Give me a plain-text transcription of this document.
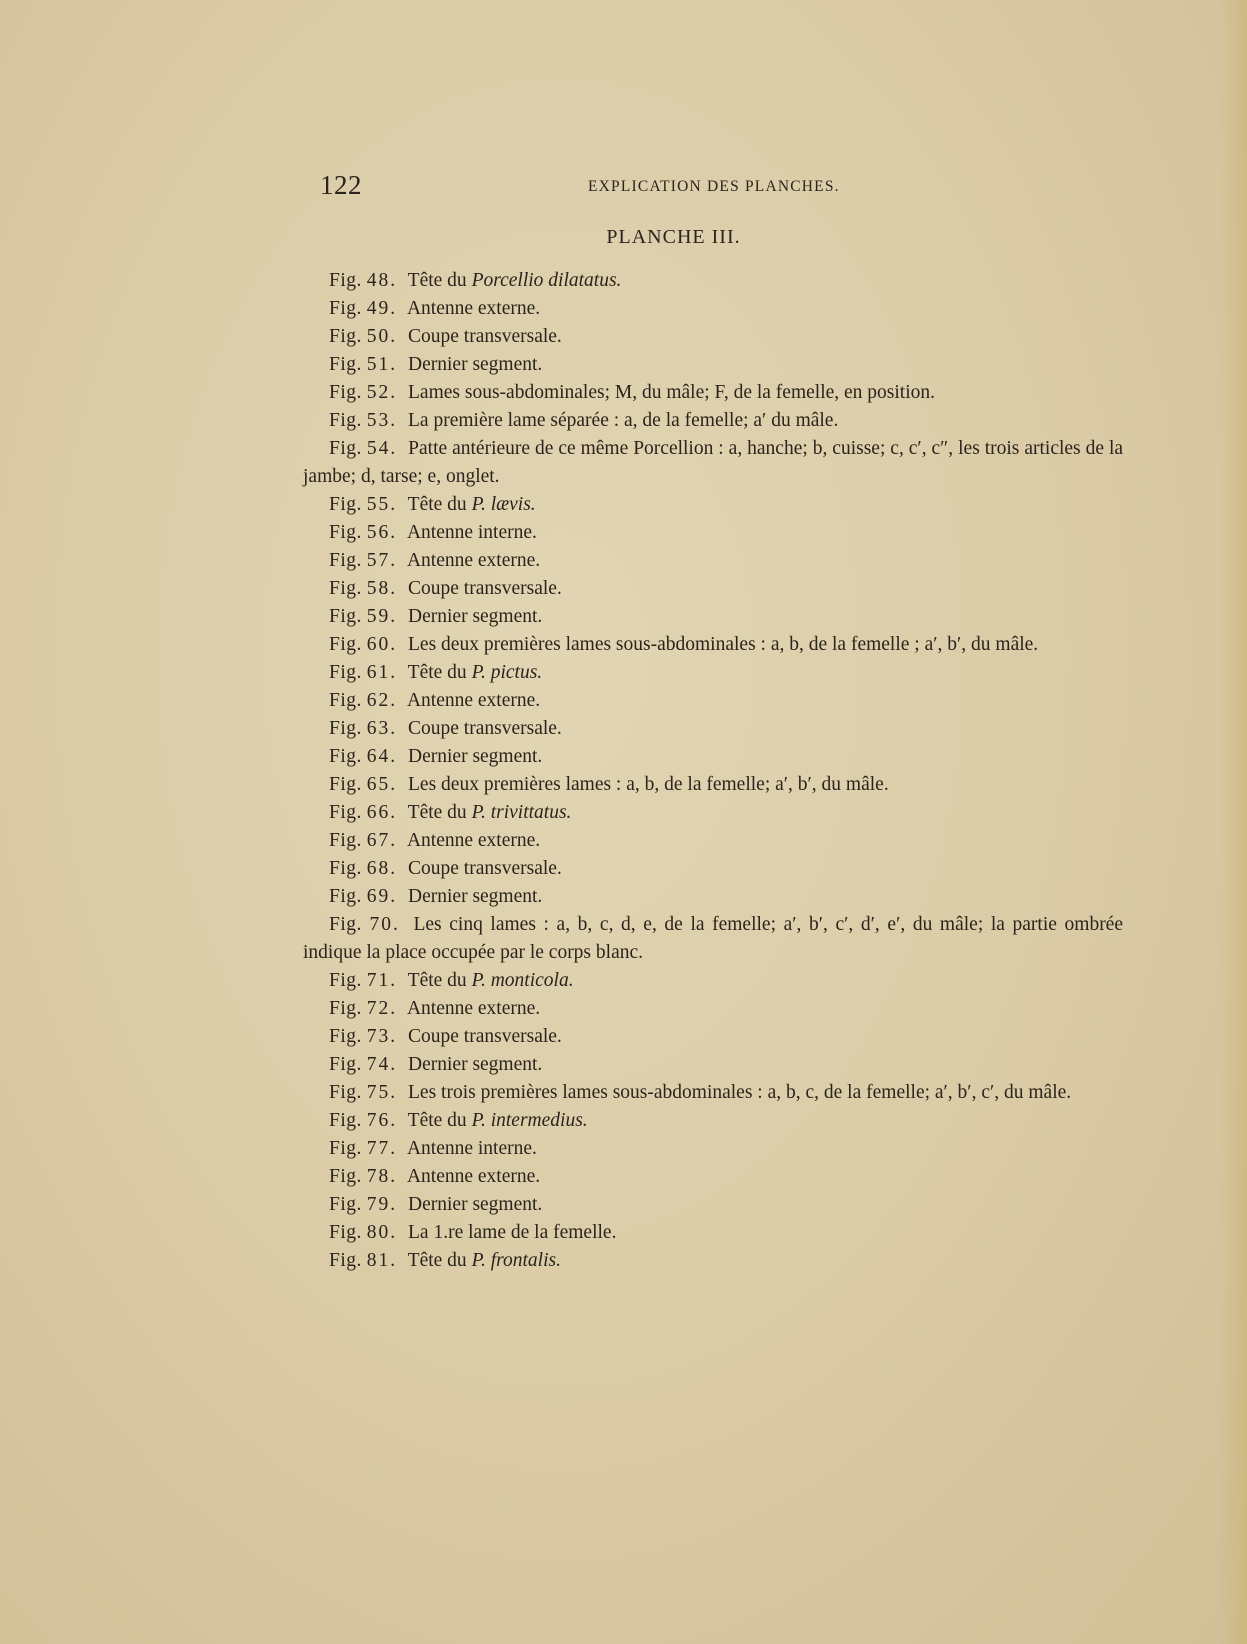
122	EXPLICATION DES PLANCHES.
PLANCHE III.

Fig. 48. Tête du Porcellio dilatatus.

Fig. 49. Antenne externe.

Fig. 50. Coupe transversale.

Fig. 51. Dernier segment.

Fig. 52. Lames sous-abdominales; M, du mâle; F, de la femelle, en position.

Fig. 53. La première lame séparée : a, de la femelle; a′ du mâle.

Fig. 54. Patte antérieure de ce même Porcellion : a, hanche; b, cuisse; c, c′, c″, les trois articles de la jambe; d, tarse; e, onglet.

Fig. 55. Tête du P. lævis.

Fig. 56. Antenne interne.

Fig. 57. Antenne externe.

Fig. 58. Coupe transversale.

Fig. 59. Dernier segment.

Fig. 60. Les deux premières lames sous-abdominales : a, b, de la femelle ; a′, b′, du mâle.

Fig. 61. Tête du P. pictus.

Fig. 62. Antenne externe.

Fig. 63. Coupe transversale.

Fig. 64. Dernier segment.

Fig. 65. Les deux premières lames : a, b, de la femelle; a′, b′, du mâle.

Fig. 66. Tête du P. trivittatus.

Fig. 67. Antenne externe.

Fig. 68. Coupe transversale.

Fig. 69. Dernier segment.

Fig. 70. Les cinq lames : a, b, c, d, e, de la femelle; a′, b′, c′, d′, e′, du mâle; la partie ombrée indique la place occupée par le corps blanc.

Fig. 71. Tête du P. monticola.

Fig. 72. Antenne externe.

Fig. 73. Coupe transversale.

Fig. 74. Dernier segment.

Fig. 75. Les trois premières lames sous-abdominales : a, b, c, de la femelle; a′, b′, c′, du mâle.

Fig. 76. Tête du P. intermedius.

Fig. 77. Antenne interne.

Fig. 78. Antenne externe.

Fig. 79. Dernier segment.

Fig. 80. La 1.re lame de la femelle.

Fig. 81. Tête du P. frontalis.
